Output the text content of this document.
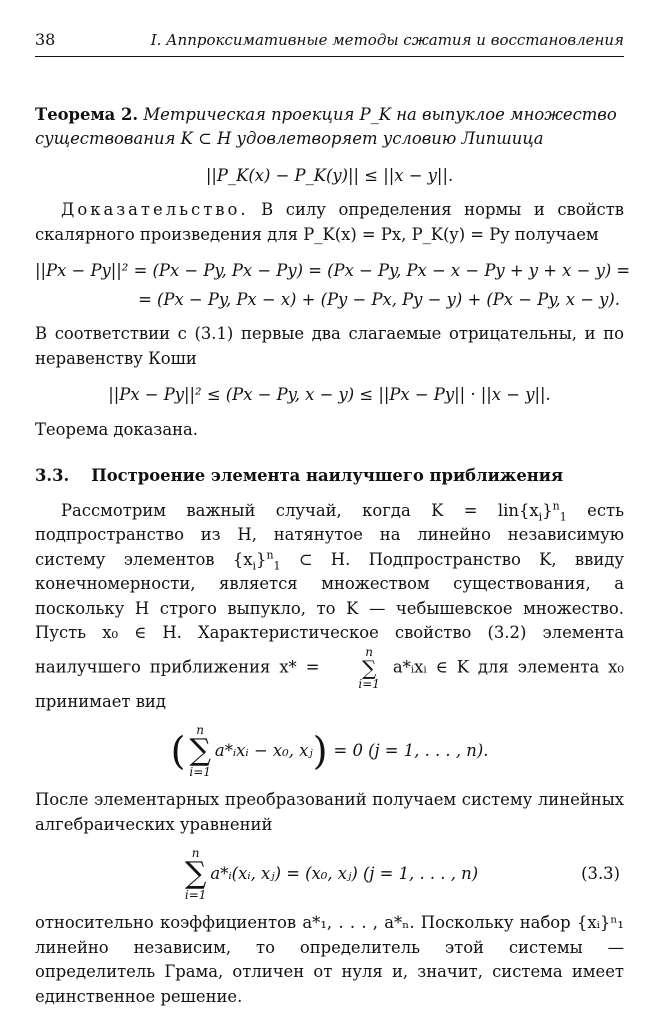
38	I. Аппроксимативные методы сжатия и восстановления
Теорема 2. Метрическая проекция P_K на выпуклое множество
существования K ⊂ H удовлетворяет условию Липшица
||P_K(x) − P_K(y)|| ≤ ||x − y||.

Доказательство. В силу определения нормы и свойств скалярного произведения для P_K(x) = Px, P_K(y) = Py получаем

||Px − Py||² = (Px − Py, Px − Py) = (Px − Py, Px − x − Py + y + x − y) =
= (Px − Py, Px − x) + (Py − Px, Py − y) + (Px − Py, x − y).

В соответствии с (3.1) первые два слагаемые отрицательны, и по неравенству Коши

||Px − Py||² ≤ (Px − Py, x − y) ≤ ||Px − Py|| · ||x − y||.

Теорема доказана.

3.3. Построение элемента наилучшего приближения

Рассмотрим важный случай, когда $K = lin\{x_i\}^n_1$ есть подпространство из H, натянутое на линейно независимую систему элементов $\{x_i\}^n_1$ ⊂ H. Подпространство K, ввиду конечномерности, является множеством существования, а поскольку H строго выпукло, то K — чебышевское множество. Пусть x₀ ∈ H. Характеристическое свойство (3.2) элемента наилучшего приближения x* =
n
∑
i=1
a*ᵢxᵢ ∈ K для элемента x₀ принимает вид

( n
∑
i=1
a*ᵢxᵢ − x₀, xⱼ ) = 0 (j = 1, . . . , n).

После элементарных преобразований получаем систему линейных алгебраических уравнений

n
∑
i=1
a*ᵢ(xᵢ, xⱼ) = (x₀, xⱼ) (j = 1, . . . , n)	(3.3)

относительно коэффициентов a*₁, . . . , a*ₙ. Поскольку набор {xᵢ}ⁿ₁ линейно независим, то определитель этой системы — определитель Грама, отличен от нуля и, значит, система имеет единственное решение.
